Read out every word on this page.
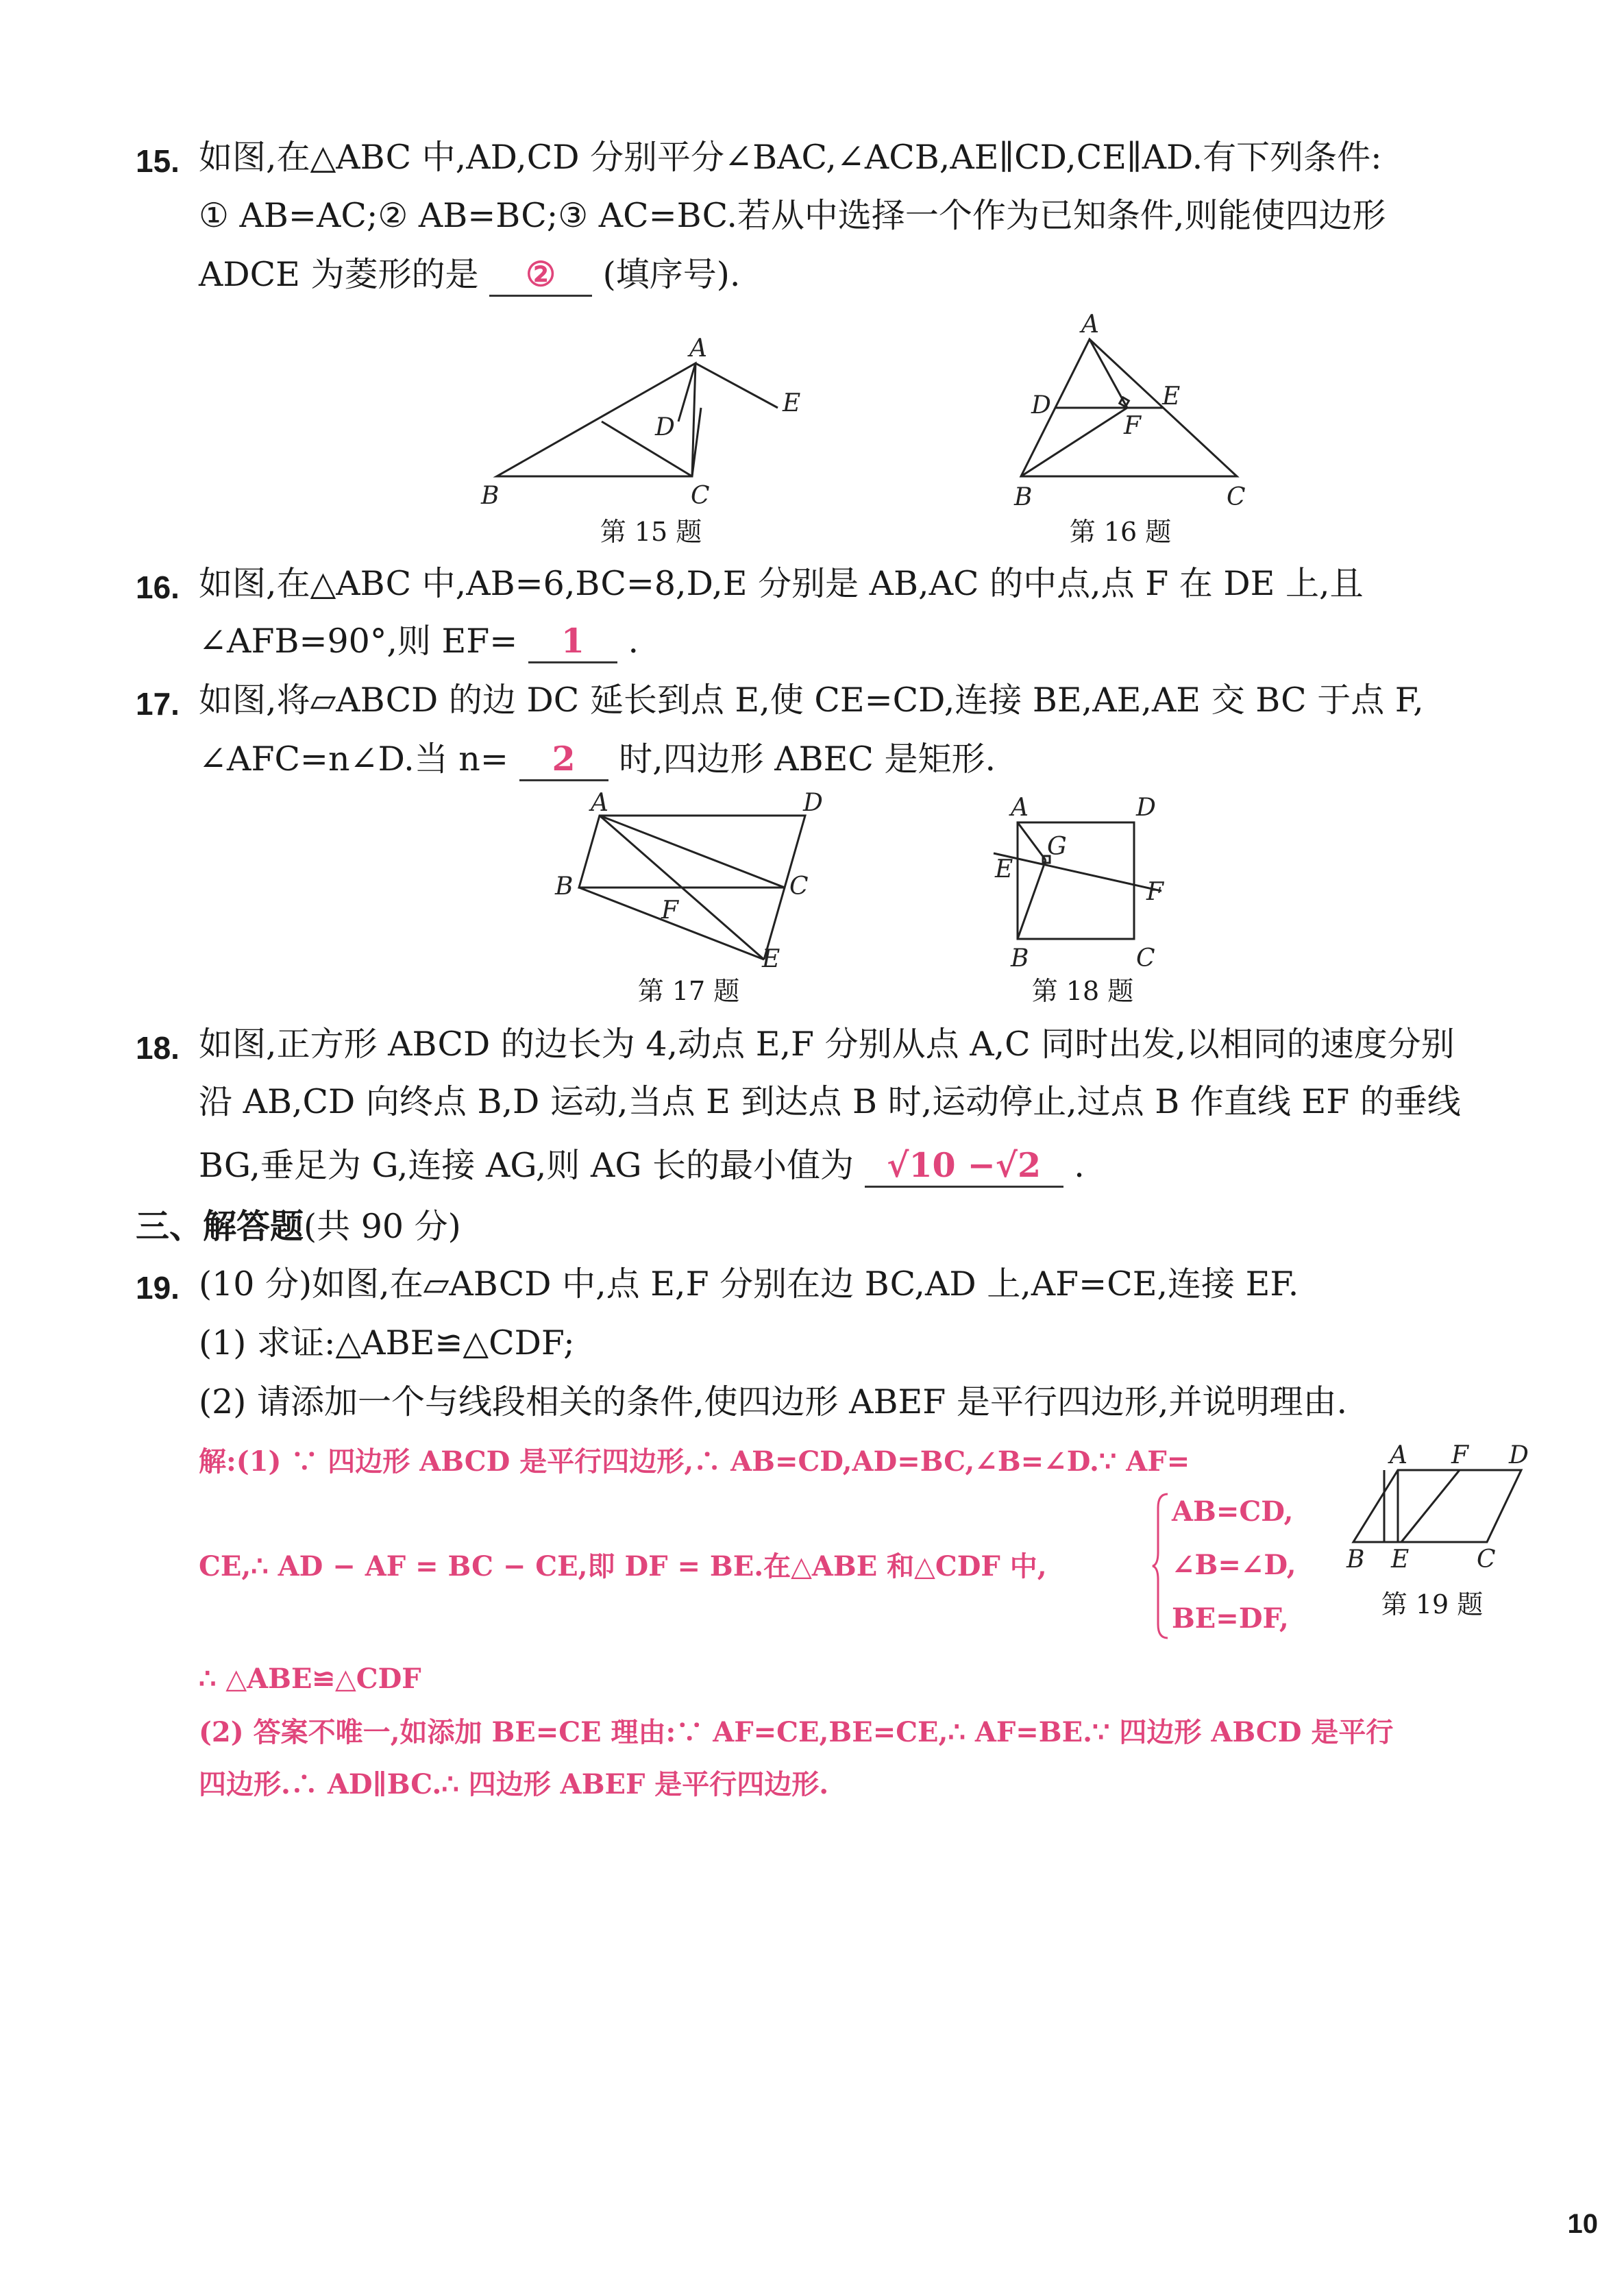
15. 如图,在△ABC 中,AD,CD 分别平分∠BAC,∠ACB,AE∥CD,CE∥AD.有下列条件:
① AB=AC;② AB=BC;③ AC=BC.若从中选择一个作为已知条件,则能使四边形
ADCE 为菱形的是 ② (填序号).
A
B	C
D
E
第 15 题
A
B	C
D	E
F
第 16 题
16. 如图,在△ABC 中,AB=6,BC=8,D,E 分别是 AB,AC 的中点,点 F 在 DE 上,且
∠AFB=90°,则 EF= 1 .
17. 如图,将▱ABCD 的边 DC 延长到点 E,使 CE=CD,连接 BE,AE,AE 交 BC 于点 F,
∠AFC=n∠D.当 n= 2 时,四边形 ABEC 是矩形.
A
B	C
D
E
F
第 17 题
A
B	C
D
E
F
G
第 18 题
18. 如图,正方形 ABCD 的边长为 4,动点 E,F 分别从点 A,C 同时出发,以相同的速度分别
沿 AB,CD 向终点 B,D 运动,当点 E 到达点 B 时,运动停止,过点 B 作直线 EF 的垂线
BG,垂足为 G,连接 AG,则 AG 长的最小值为 √10 −√2 .
三、解答题(共 90 分)
19. (10 分)如图,在▱ABCD 中,点 E,F 分别在边 BC,AD 上,AF=CE,连接 EF.
(1) 求证:△ABE≌△CDF;
(2) 请添加一个与线段相关的条件,使四边形 ABEF 是平行四边形,并说明理由.
A F D
B E	C
第 19 题
解:(1) ∵ 四边形 ABCD 是平行四边形,∴ AB=CD,AD=BC,∠B=∠D.∵ AF=
CE,∴ AD − AF = BC − CE,即 DF = BE.在△ABE 和△CDF 中,
AB=CD,
∠B=∠D,
BE=DF,
∴ △ABE≌△CDF
(2) 答案不唯一,如添加 BE=CE 理由:∵ AF=CE,BE=CE,∴ AF=BE.∵ 四边形 ABCD 是平行
四边形.∴ AD∥BC.∴ 四边形 ABEF 是平行四边形.
10
